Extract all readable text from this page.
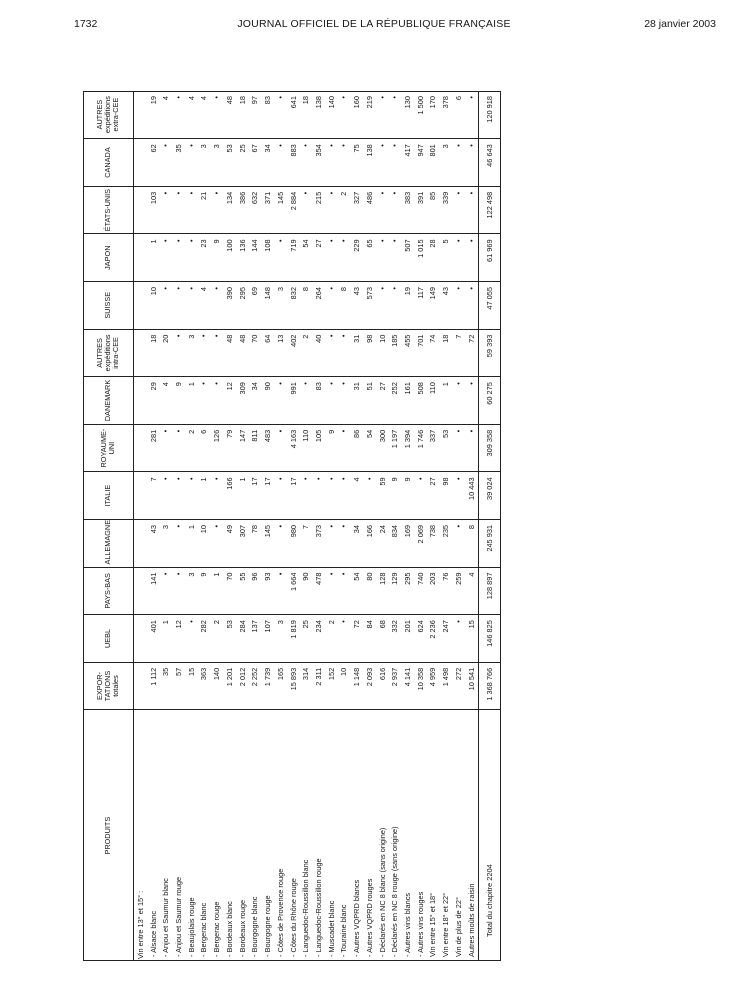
1732	JOURNAL OFFICIEL DE LA RÉPUBLIQUE FRANÇAISE	28 janvier 2003
PRODUITS	EXPOR-TATIONS totales	UEBL	PAYS-BAS	ALLEMAGNE	ITALIE	ROYAUME-UNI	DANEMARK	AUTRES expéditions intra-CEE	SUISSE	JAPON	ÉTATS-UNIS	CANADA	AUTRES expéditions extra-CEE
Vin entre 13° et 15° :													
- Alsace blanc	1 112	401	141	43	7	281	29	18	10	1	103	62	19
- Anjou et Saumur blanc	35	1	•	3	•	•	4	20	•	•	•	•	4
- Anjou et Saumur rouge	57	12	•	•	•	•	9	•	•	•	•	35	•
- Beaujolais rouge	15	•	3	1	•	2	1	3	•	•	•	•	4
- Bergerac blanc	363	282	9	10	1	6	•	•	4	23	21	3	4
- Bergerac rouge	140	2	1	•	•	126	•	•	•	9	•	3	•
- Bordeaux blanc	1 201	53	70	49	166	79	12	48	390	100	134	53	48
- Bordeaux rouge	2 012	284	55	307	1	147	309	48	295	136	386	25	18
- Bourgogne blanc	2 252	137	96	78	17	811	34	70	69	144	632	67	97
- Bourgogne rouge	1 739	107	93	145	17	483	90	64	148	108	371	34	83
- Côtes de Provence rouge	165	3	•	•	•	•	•	13	3	•	145	•	•
- Côtes du Rhône rouge	15 893	1 819	1 664	980	17	4 163	991	402	832	719	2 884	883	641
- Languedoc-Roussillon blanc	314	25	90	7	•	110	•	2	8	54	•	•	18
- Languedoc-Roussillon rouge	2 311	234	478	373	•	105	83	40	264	27	215	354	138
- Muscadet blanc	152	2	•	•	•	9	•	•	•	•	•	•	140
- Touraine blanc	10	•	•	•	•	•	•	•	8	•	2	•	•
- Autres VQPRD blancs	1 148	72	54	34	4	86	31	31	43	229	327	75	160
- Autres VQPRD rouges	2 093	84	80	166	•	54	51	98	573	65	486	138	219
- Déclarés en NC 8 blanc (sans origine)	616	68	128	24	59	300	27	10	•	•	•	•	•
- Déclarés en NC 8 rouge (sans origine)	2 937	332	129	834	9	1 197	252	185	•	•	•	•	•
- Autres vins blancs	4 141	201	295	169	9	1 394	161	455	19	507	383	417	130
- Autres vins rouges	10 358	624	740	2 069	•	1 746	508	701	117	1 015	391	947	1 500
Vin entre 15° et 18°	4 959	2 236	203	738	27	337	110	74	149	28	85	801	170
Vin entre 18° et 22°	1 498	247	76	235	98	53	1	18	43	5	339	3	378
Vin de plus de 22°	272	•	259	•	•	•	•	7	•	•	•	•	6
Autres moûts de raisin	10 541	15	4	8	10 443	•	•	72	•	•	•	•	•
Total du chapitre 2204	1 368 766	146 825	128 897	245 931	39 024	309 358	60 275	59 393	47 055	61 969	122 498	46 643	120 918
